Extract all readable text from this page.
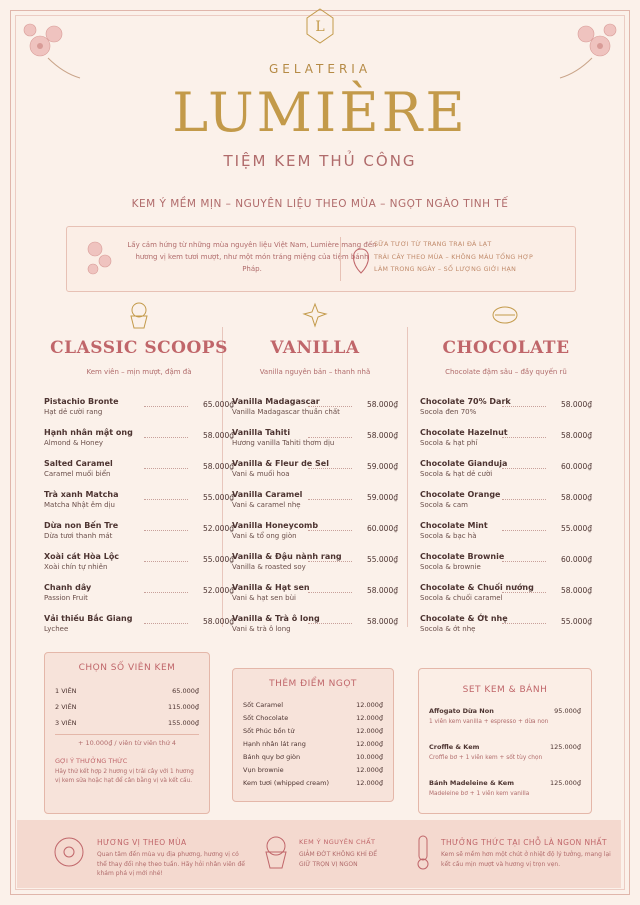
L
GELATERIA
LUMIÈRE
TIỆM KEM THỦ CÔNG
KEM Ý MỀM MỊN – NGUYÊN LIỆU THEO MÙA – NGỌT NGÀO TINH TẾ
Lấy cảm hứng từ những mùa nguyên liệu Việt Nam, Lumière mang đến hương vị kem tươi mượt, như một món tráng miệng của tiệm bánh Pháp.
SỮA TƯƠI TỪ TRANG TRẠI ĐÀ LẠT
TRÁI CÂY THEO MÙA – KHÔNG MÀU TỔNG HỢP
LÀM TRONG NGÀY – SỐ LƯỢNG GIỚI HẠN
CLASSIC SCOOPS
Kem viên – mịn mượt, đậm đà
Pistachio Bronte
Hạt dẻ cười rang
65.000₫
Hạnh nhân mật ong
Almond & Honey
58.000₫
Salted Caramel
Caramel muối biển
58.000₫
Trà xanh Matcha
Matcha Nhật êm dịu
55.000₫
Dừa non Bến Tre
Dừa tươi thanh mát
52.000₫
Xoài cát Hòa Lộc
Xoài chín tự nhiên
55.000₫
Chanh dây
Passion Fruit
52.000₫
Vải thiều Bắc Giang
Lychee
58.000₫
VANILLA
Vanilla nguyên bản – thanh nhã
Vanilla Madagascar
Vanilla Madagascar thuần chất
58.000₫
Vanilla Tahiti
Hương vanilla Tahiti thơm dịu
58.000₫
Vanilla & Fleur de Sel
Vani & muối hoa
59.000₫
Vanilla Caramel
Vani & caramel nhẹ
59.000₫
Vanilla Honeycomb
Vani & tổ ong giòn
60.000₫
Vanilla & Đậu nành rang
Vanilla & roasted soy
55.000₫
Vanilla & Hạt sen
Vani & hạt sen bùi
58.000₫
Vanilla & Trà ô long
Vani & trà ô long
58.000₫
CHOCOLATE
Chocolate đậm sâu – đầy quyến rũ
Chocolate 70% Dark
Socola đen 70%
58.000₫
Chocolate Hazelnut
Socola & hạt phỉ
58.000₫
Chocolate Gianduja
Socola & hạt dẻ cười
60.000₫
Chocolate Orange
Socola & cam
58.000₫
Chocolate Mint
Socola & bạc hà
55.000₫
Chocolate Brownie
Socola & brownie
60.000₫
Chocolate & Chuối nướng
Socola & chuối caramel
58.000₫
Chocolate & Ớt nhẹ
Socola & ớt nhẹ
55.000₫
CHỌN SỐ VIÊN KEM
1 VIÊN	65.000₫
2 VIÊN	115.000₫
3 VIÊN	155.000₫
+ 10.000₫ / viên từ viên thứ 4
GỢI Ý THƯỞNG THỨC
Hãy thử kết hợp 2 hương vị trái cây với 1 hương vị kem sữa hoặc hạt để cân bằng vị và kết cấu.
THÊM ĐIỂM NGỌT
Sốt Caramel	12.000₫
Sốt Chocolate	12.000₫
Sốt Phúc bồn tử	12.000₫
Hạnh nhân lát rang	12.000₫
Bánh quy bơ giòn	10.000₫
Vụn brownie	12.000₫
Kem tươi (whipped cream)	12.000₫
SET KEM & BÁNH
Affogato Dừa Non	95.000₫
1 viên kem vanilla + espresso + dừa non
Croffle & Kem	125.000₫
Croffle bơ + 1 viên kem + sốt tùy chọn
Bánh Madeleine & Kem	125.000₫
Madeleine bơ + 1 viên kem vanilla
HƯƠNG VỊ THEO MÙA
Quan tâm đến mùa vụ địa phương, hương vị có thể thay đổi nhẹ theo tuần. Hãy hỏi nhân viên để khám phá vị mới nhé!
KEM Ý NGUYÊN CHẤT
GIẢM ĐỚT KHÔNG KHÍ ĐỂ GIỮ TRỌN VỊ NGON
THƯỞNG THỨC TẠI CHỖ LÀ NGON NHẤT
Kem sẽ mềm hơn một chút ở nhiệt độ lý tưởng, mang lại kết cấu mịn mượt và hương vị trọn vẹn.
